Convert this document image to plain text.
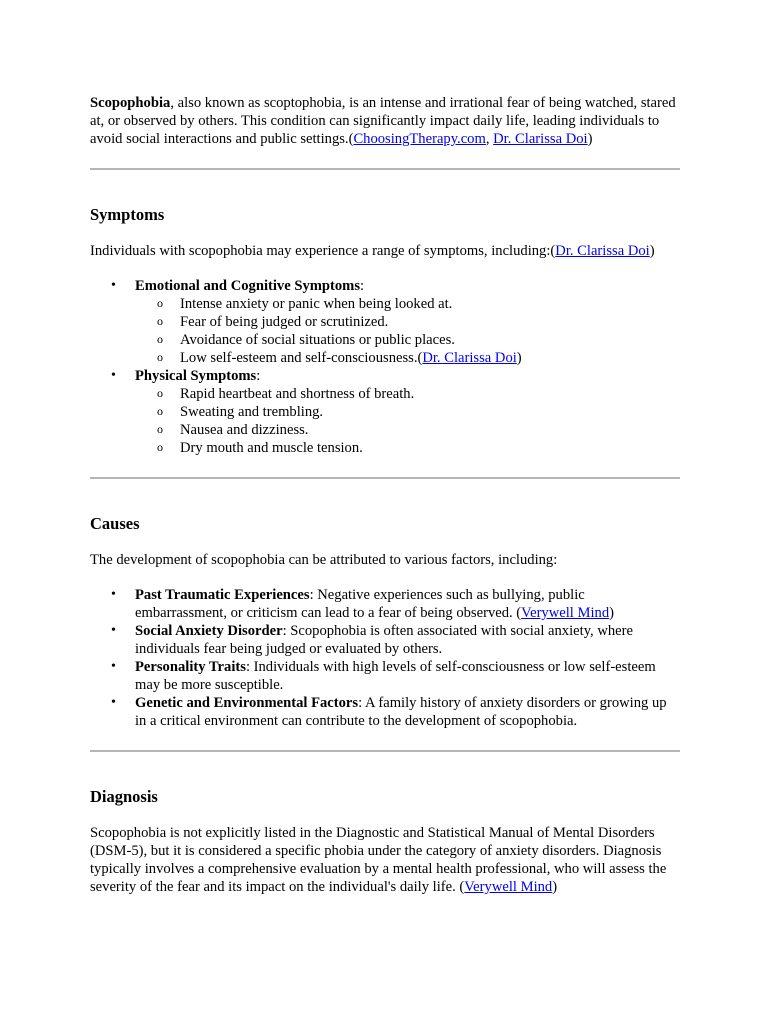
Scopophobia, also known as scoptophobia, is an intense and irrational fear of being watched, stared at, or observed by others. This condition can significantly impact daily life, leading individuals to avoid social interactions and public settings.(ChoosingTherapy.com, Dr. Clarissa Doi)

Symptoms

Individuals with scopophobia may experience a range of symptoms, including:(Dr. Clarissa Doi)

• Emotional and Cognitive Symptoms:
o Intense anxiety or panic when being looked at.
o Fear of being judged or scrutinized.
o Avoidance of social situations or public places.
o Low self-esteem and self-consciousness.(Dr. Clarissa Doi)
• Physical Symptoms:
o Rapid heartbeat and shortness of breath.
o Sweating and trembling.
o Nausea and dizziness.
o Dry mouth and muscle tension.
Causes

The development of scopophobia can be attributed to various factors, including:

• Past Traumatic Experiences: Negative experiences such as bullying, public embarrassment, or criticism can lead to a fear of being observed. (Verywell Mind)
• Social Anxiety Disorder: Scopophobia is often associated with social anxiety, where individuals fear being judged or evaluated by others.
• Personality Traits: Individuals with high levels of self-consciousness or low self-esteem may be more susceptible.
• Genetic and Environmental Factors: A family history of anxiety disorders or growing up in a critical environment can contribute to the development of scopophobia.
Diagnosis

Scopophobia is not explicitly listed in the Diagnostic and Statistical Manual of Mental Disorders (DSM-5), but it is considered a specific phobia under the category of anxiety disorders. Diagnosis typically involves a comprehensive evaluation by a mental health professional, who will assess the severity of the fear and its impact on the individual's daily life. (Verywell Mind)
